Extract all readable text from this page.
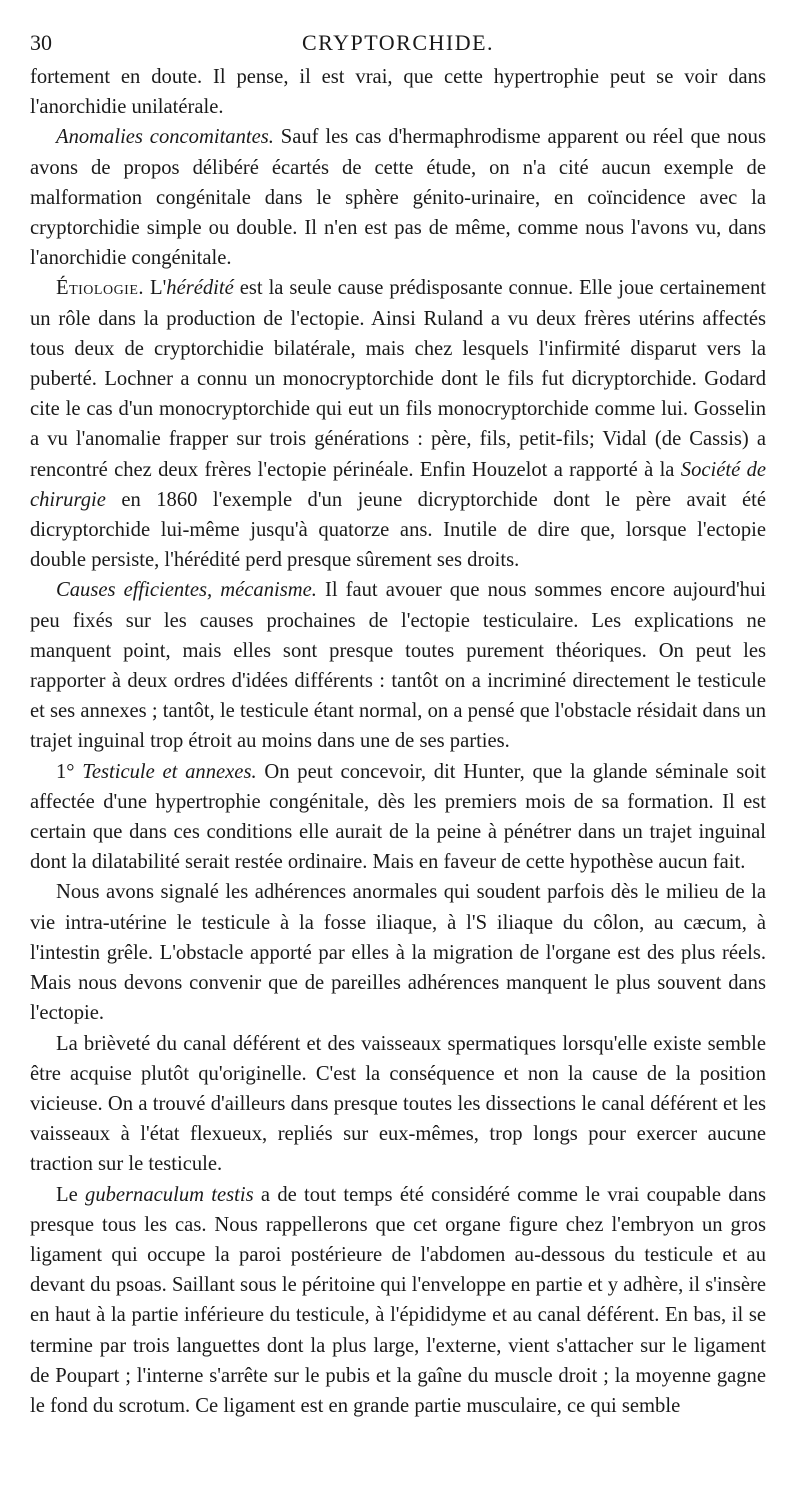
30	CRYPTORCHIDE.

fortement en doute. Il pense, il est vrai, que cette hypertrophie peut se voir dans l'anorchidie unilatérale.

Anomalies concomitantes. Sauf les cas d'hermaphrodisme apparent ou réel que nous avons de propos délibéré écartés de cette étude, on n'a cité aucun exemple de malformation congénitale dans le sphère génito-urinaire, en coïncidence avec la cryptorchidie simple ou double. Il n'en est pas de même, comme nous l'avons vu, dans l'anorchidie congénitale.

Étiologie. L'hérédité est la seule cause prédisposante connue. Elle joue certainement un rôle dans la production de l'ectopie. Ainsi Ruland a vu deux frères utérins affectés tous deux de cryptorchidie bilatérale, mais chez lesquels l'infirmité disparut vers la puberté. Lochner a connu un monocryptorchide dont le fils fut dicryptorchide. Godard cite le cas d'un monocryptorchide qui eut un fils monocryptorchide comme lui. Gosselin a vu l'anomalie frapper sur trois générations : père, fils, petit-fils; Vidal (de Cassis) a rencontré chez deux frères l'ectopie périnéale. Enfin Houzelot a rapporté à la Société de chirurgie en 1860 l'exemple d'un jeune dicryptorchide dont le père avait été dicryptorchide lui-même jusqu'à quatorze ans. Inutile de dire que, lorsque l'ectopie double persiste, l'hérédité perd presque sûrement ses droits.

Causes efficientes, mécanisme. Il faut avouer que nous sommes encore aujourd'hui peu fixés sur les causes prochaines de l'ectopie testiculaire. Les explications ne manquent point, mais elles sont presque toutes purement théoriques. On peut les rapporter à deux ordres d'idées différents : tantôt on a incriminé directement le testicule et ses annexes ; tantôt, le testicule étant normal, on a pensé que l'obstacle résidait dans un trajet inguinal trop étroit au moins dans une de ses parties.

1° Testicule et annexes. On peut concevoir, dit Hunter, que la glande séminale soit affectée d'une hypertrophie congénitale, dès les premiers mois de sa formation. Il est certain que dans ces conditions elle aurait de la peine à pénétrer dans un trajet inguinal dont la dilatabilité serait restée ordinaire. Mais en faveur de cette hypothèse aucun fait.

Nous avons signalé les adhérences anormales qui soudent parfois dès le milieu de la vie intra-utérine le testicule à la fosse iliaque, à l'S iliaque du côlon, au cæcum, à l'intestin grêle. L'obstacle apporté par elles à la migration de l'organe est des plus réels. Mais nous devons convenir que de pareilles adhérences manquent le plus souvent dans l'ectopie.

La brièveté du canal déférent et des vaisseaux spermatiques lorsqu'elle existe semble être acquise plutôt qu'originelle. C'est la conséquence et non la cause de la position vicieuse. On a trouvé d'ailleurs dans presque toutes les dissections le canal déférent et les vaisseaux à l'état flexueux, repliés sur eux-mêmes, trop longs pour exercer aucune traction sur le testicule.

Le gubernaculum testis a de tout temps été considéré comme le vrai coupable dans presque tous les cas. Nous rappellerons que cet organe figure chez l'embryon un gros ligament qui occupe la paroi postérieure de l'abdomen au-dessous du testicule et au devant du psoas. Saillant sous le péritoine qui l'enveloppe en partie et y adhère, il s'insère en haut à la partie inférieure du testicule, à l'épididyme et au canal déférent. En bas, il se termine par trois languettes dont la plus large, l'externe, vient s'attacher sur le ligament de Poupart ; l'interne s'arrête sur le pubis et la gaîne du muscle droit ; la moyenne gagne le fond du scrotum. Ce ligament est en grande partie musculaire, ce qui semble
